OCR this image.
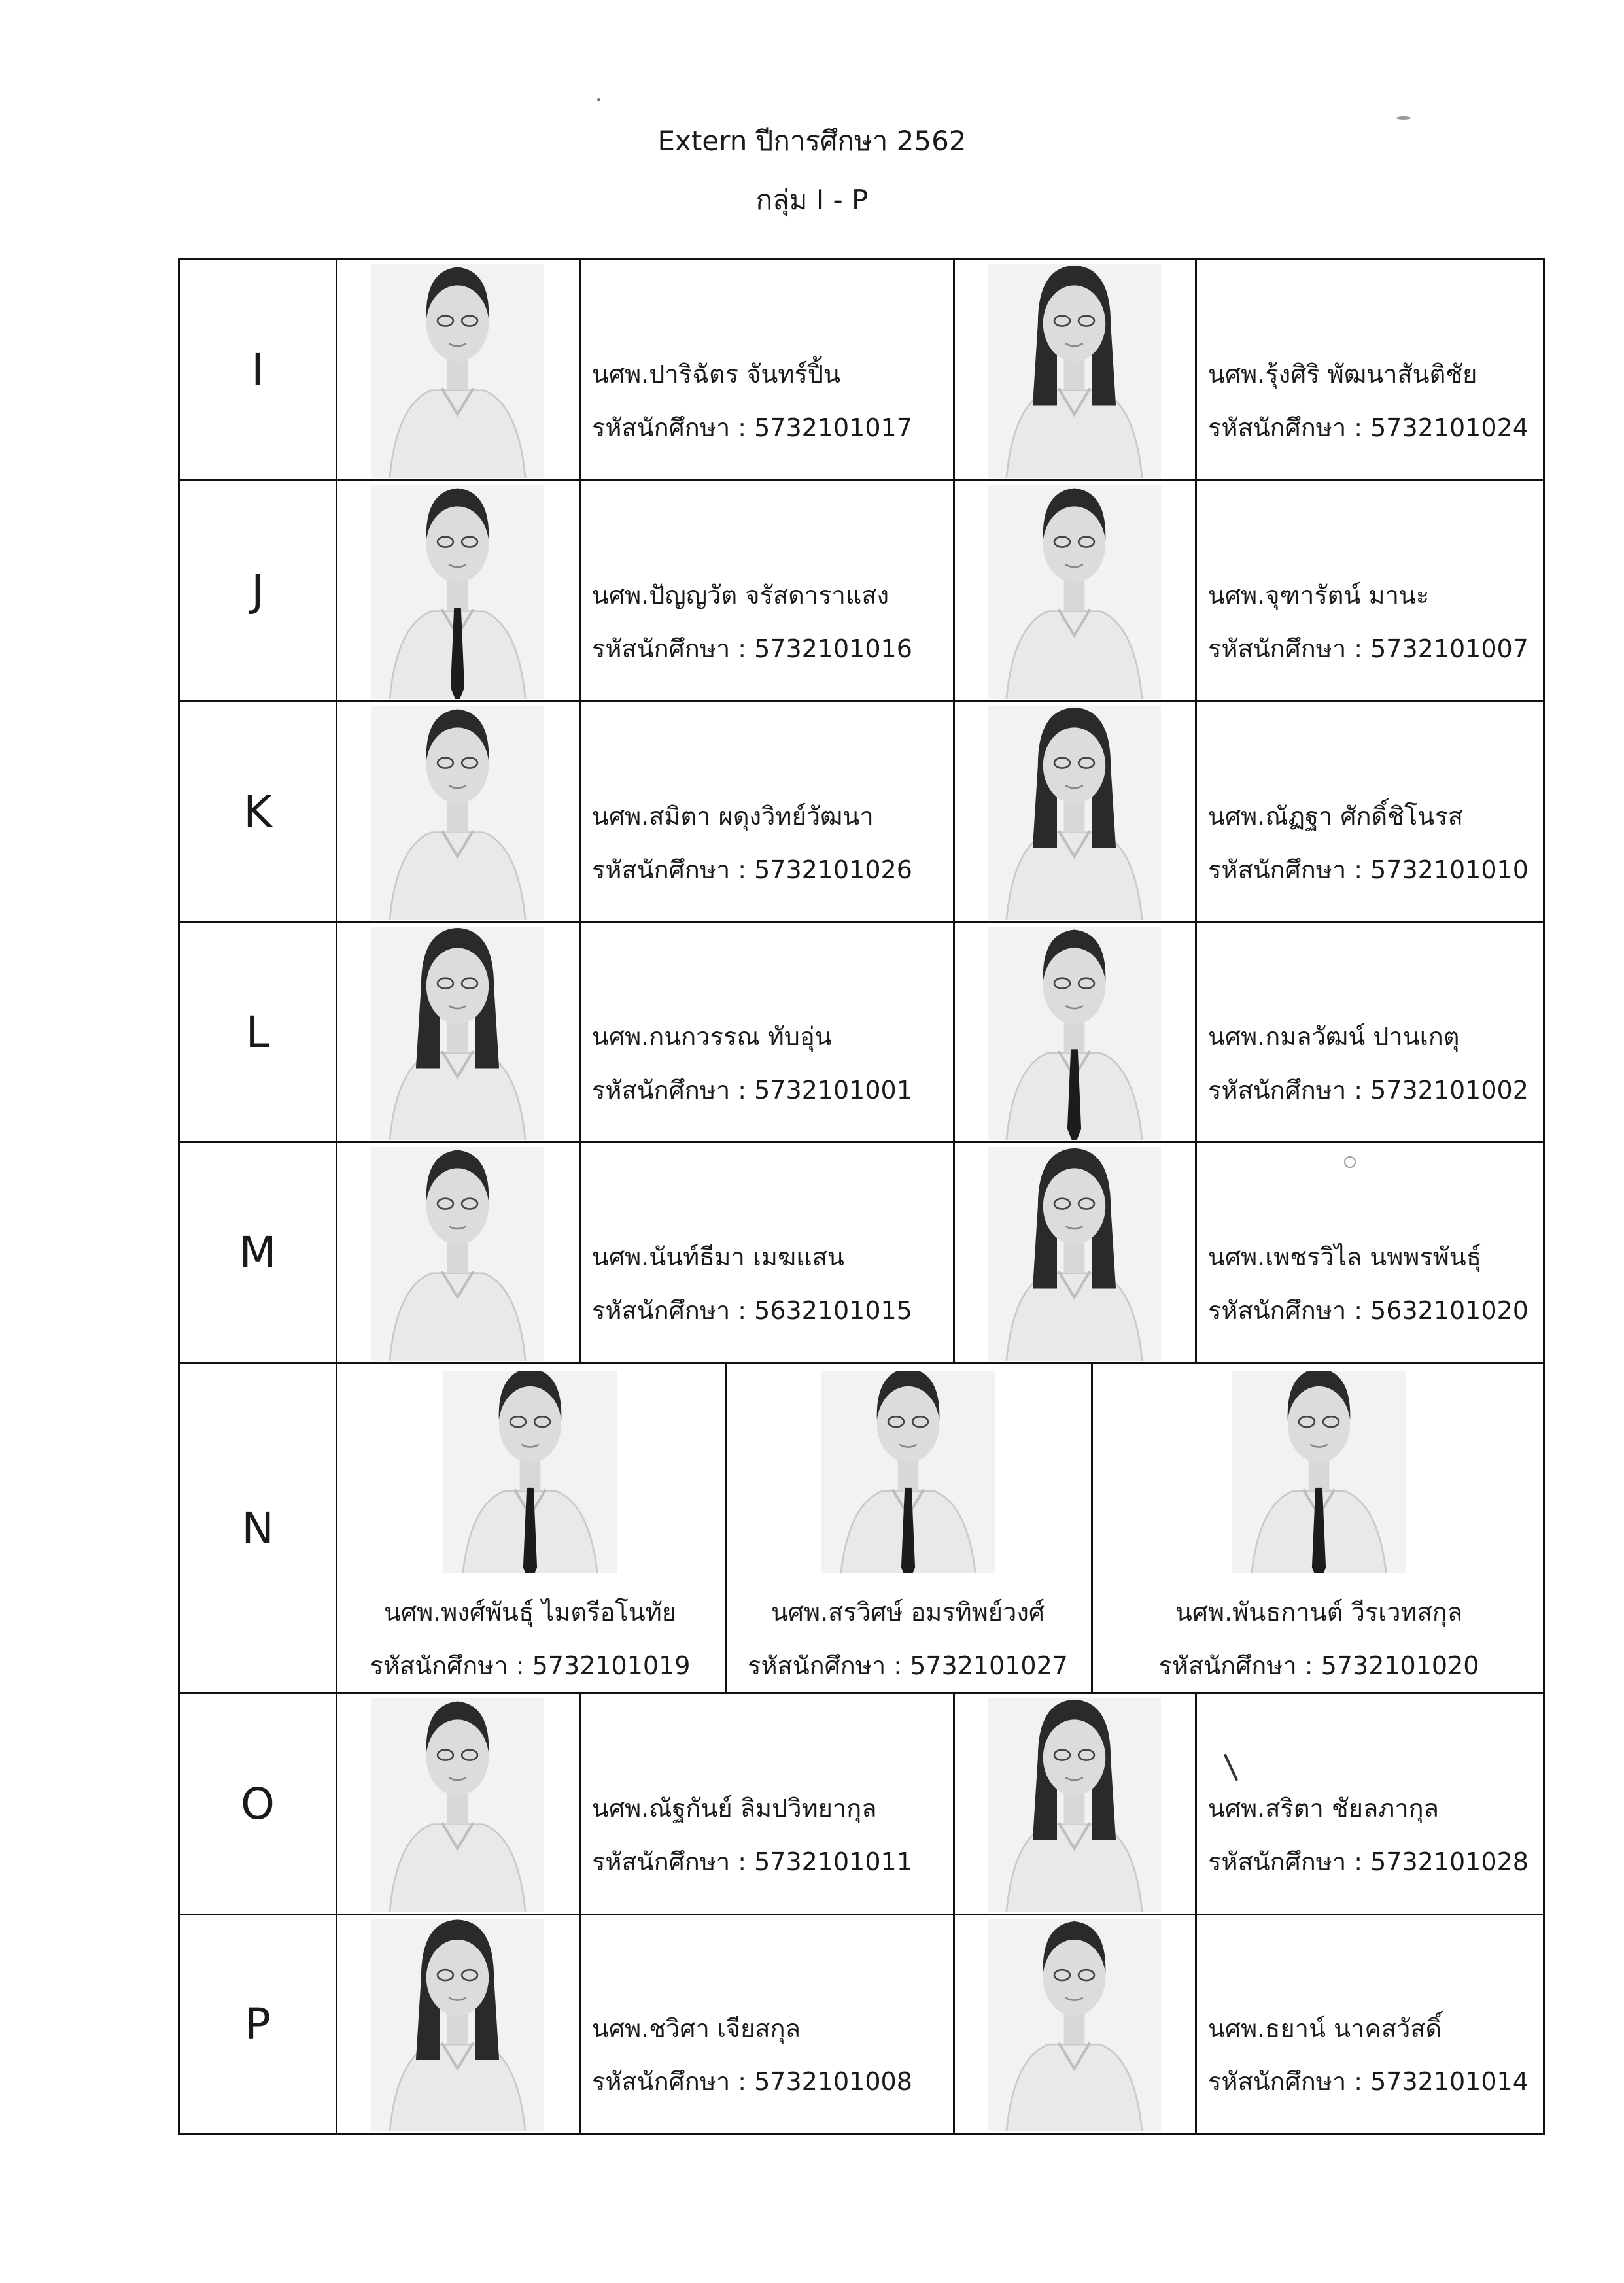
Extern ปีการศึกษา 2562
กลุ่ม I - P
I	นศพ.ปาริฉัตร จันทร์ปิ้น
รหัสนักศึกษา : 5732101017
นศพ.รุ้งศิริ พัฒนาสันติชัย
รหัสนักศึกษา : 5732101024
J	นศพ.ปัญญวัต จรัสดาราแสง
รหัสนักศึกษา : 5732101016
นศพ.จุฑารัตน์ มานะ
รหัสนักศึกษา : 5732101007
K	นศพ.สมิตา ผดุงวิทย์วัฒนา
รหัสนักศึกษา : 5732101026
นศพ.ณัฏฐา ศักดิ์ชิโนรส
รหัสนักศึกษา : 5732101010
L	นศพ.กนกวรรณ ทับอุ่น
รหัสนักศึกษา : 5732101001
นศพ.กมลวัฒน์ ปานเกตุ
รหัสนักศึกษา : 5732101002
M	นศพ.นันท์ธีมา เมฆแสน
รหัสนักศึกษา : 5632101015
นศพ.เพชรวิไล นพพรพันธุ์
รหัสนักศึกษา : 5632101020
N
นศพ.พงศ์พันธุ์ ไมตรีอโนทัย
รหัสนักศึกษา : 5732101019
นศพ.สรวิศษ์ อมรทิพย์วงศ์
รหัสนักศึกษา : 5732101027
นศพ.พันธกานต์ วีรเวทสกุล
รหัสนักศึกษา : 5732101020
O	นศพ.ณัฐกันย์ ลิมปวิทยากุล
รหัสนักศึกษา : 5732101011
นศพ.สริตา ชัยลภากุล
รหัสนักศึกษา : 5732101028
P	นศพ.ชวิศา เจียสกุล
รหัสนักศึกษา : 5732101008
นศพ.ธยาน์ นาคสวัสดิ์
รหัสนักศึกษา : 5732101014
